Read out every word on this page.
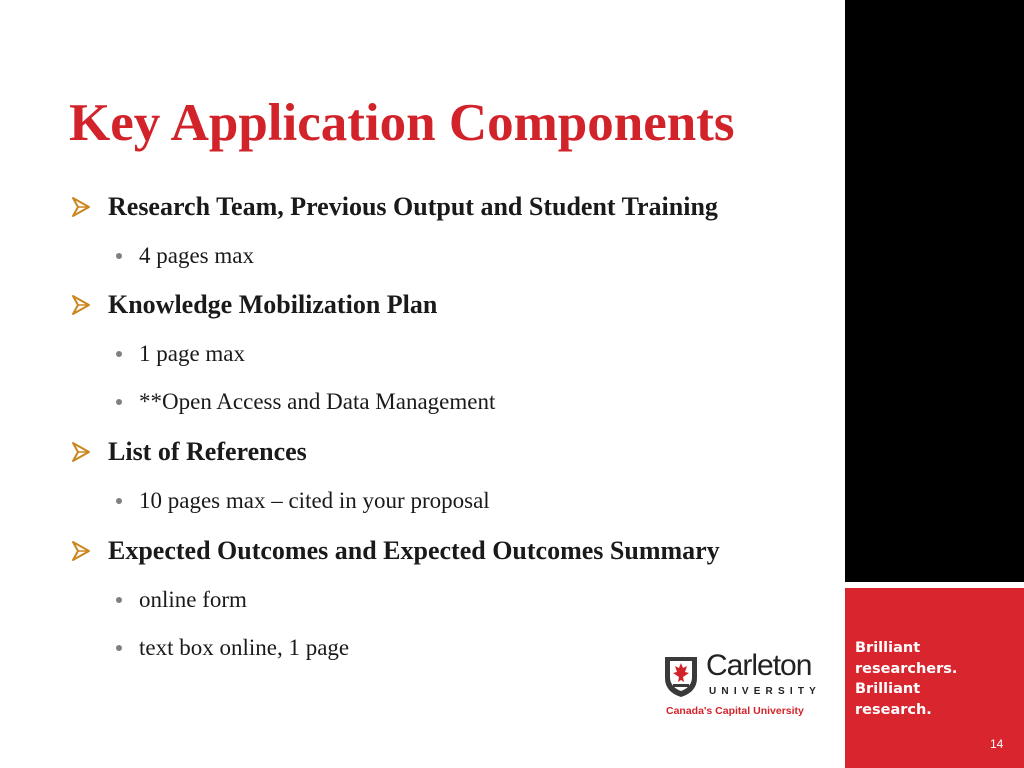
Key Application Components
Research Team, Previous Output and Student Training
4 pages max
Knowledge Mobilization Plan
1 page max
**Open Access and Data Management
List of References
10 pages max – cited in your proposal
Expected Outcomes and Expected Outcomes Summary
online form
text box online, 1 page
Carleton
UNIVERSITY
Canada's Capital University

Brilliant
researchers.
Brilliant
research.

14
